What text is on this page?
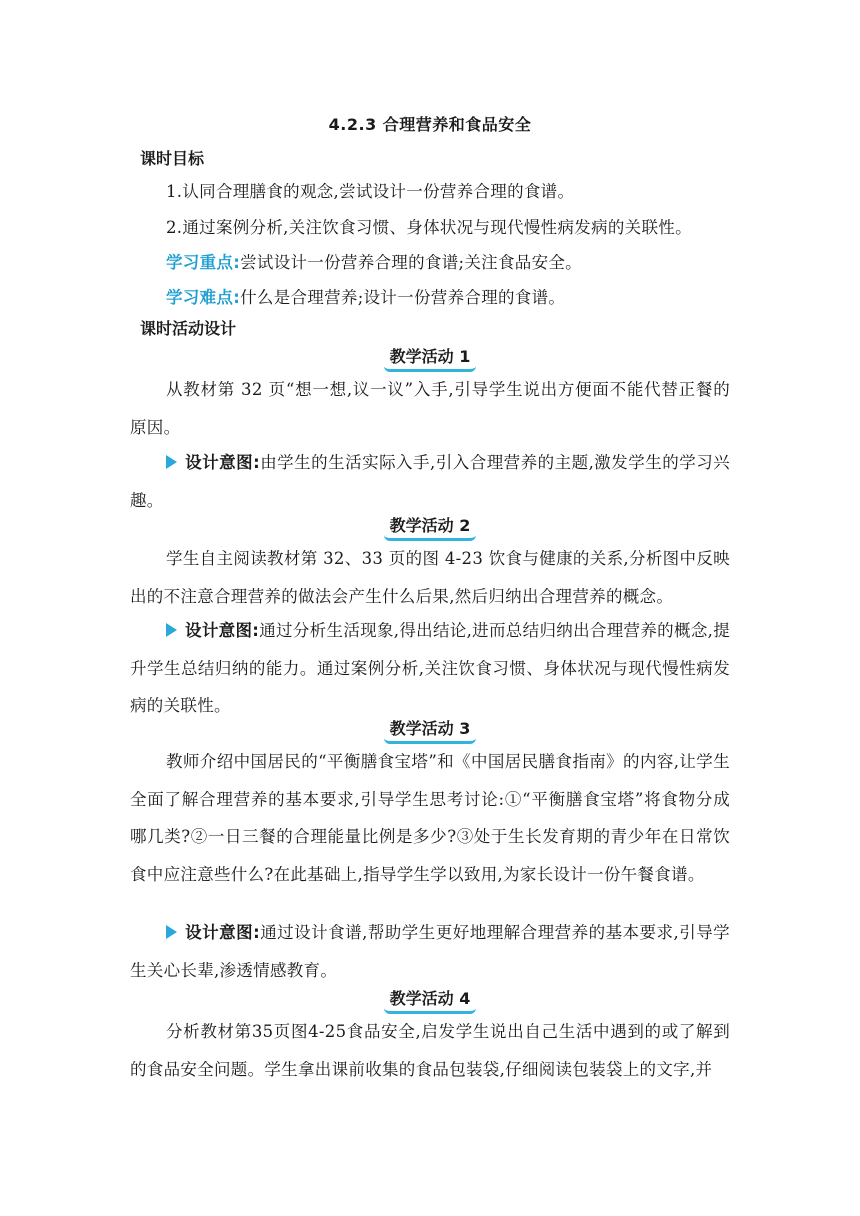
4.2.3 合理营养和食品安全
课时目标
1.认同合理膳食的观念,尝试设计一份营养合理的食谱。
2.通过案例分析,关注饮食习惯、身体状况与现代慢性病发病的关联性。
学习重点:尝试设计一份营养合理的食谱;关注食品安全。
学习难点:什么是合理营养;设计一份营养合理的食谱。
课时活动设计
教学活动 1
从教材第 32 页“想一想,议一议”入手,引导学生说出方便面不能代替正餐的原因。
设计意图:由学生的生活实际入手,引入合理营养的主题,激发学生的学习兴趣。
教学活动 2
学生自主阅读教材第 32、33 页的图 4-23 饮食与健康的关系,分析图中反映出的不注意合理营养的做法会产生什么后果,然后归纳出合理营养的概念。
设计意图:通过分析生活现象,得出结论,进而总结归纳出合理营养的概念,提升学生总结归纳的能力。通过案例分析,关注饮食习惯、身体状况与现代慢性病发病的关联性。
教学活动 3
教师介绍中国居民的“平衡膳食宝塔”和《中国居民膳食指南》的内容,让学生全面了解合理营养的基本要求,引导学生思考讨论:①“平衡膳食宝塔”将食物分成哪几类?②一日三餐的合理能量比例是多少?③处于生长发育期的青少年在日常饮食中应注意些什么?在此基础上,指导学生学以致用,为家长设计一份午餐食谱。
设计意图:通过设计食谱,帮助学生更好地理解合理营养的基本要求,引导学生关心长辈,渗透情感教育。
教学活动 4
分析教材第35页图4-25食品安全,启发学生说出自己生活中遇到的或了解到的食品安全问题。学生拿出课前收集的食品包装袋,仔细阅读包装袋上的文字,并
